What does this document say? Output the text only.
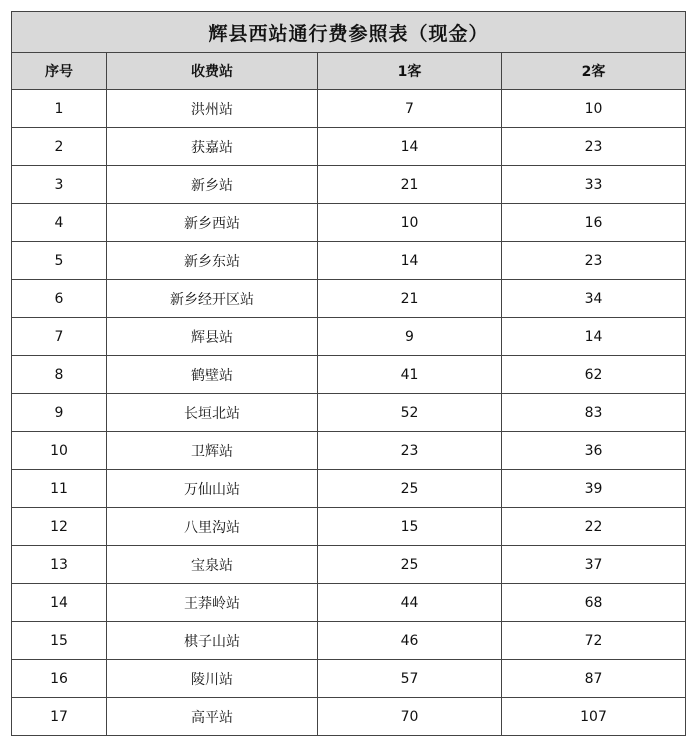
辉县西站通行费参照表（现金）			
序号	收费站	1客	2客
1	洪州站	7	10
2	获嘉站	14	23
3	新乡站	21	33
4	新乡西站	10	16
5	新乡东站	14	23
6	新乡经开区站	21	34
7	辉县站	9	14
8	鹤壁站	41	62
9	长垣北站	52	83
10	卫辉站	23	36
11	万仙山站	25	39
12	八里沟站	15	22
13	宝泉站	25	37
14	王莽岭站	44	68
15	棋子山站	46	72
16	陵川站	57	87
17	高平站	70	107
